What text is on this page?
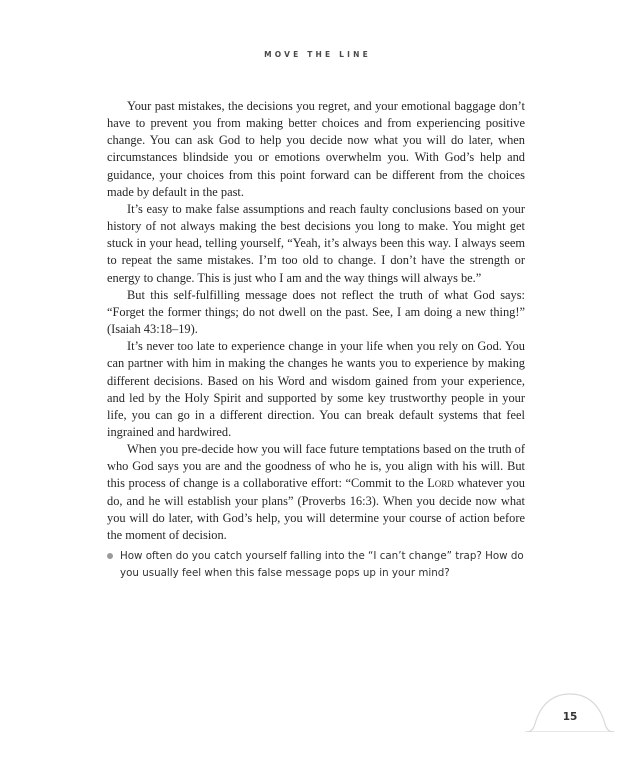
MOVE THE LINE

Your past mistakes, the decisions you regret, and your emotional baggage don’t have to prevent you from making better choices and from experiencing positive change. You can ask God to help you decide now what you will do later, when circumstances blindside you or emotions overwhelm you. With God’s help and guidance, your choices from this point forward can be different from the choices made by default in the past.

It’s easy to make false assumptions and reach faulty conclusions based on your history of not always making the best decisions you long to make. You might get stuck in your head, telling yourself, “Yeah, it’s always been this way. I always seem to repeat the same mistakes. I’m too old to change. I don’t have the strength or energy to change. This is just who I am and the way things will always be.”

But this self-fulfilling message does not reflect the truth of what God says: “Forget the former things; do not dwell on the past. See, I am doing a new thing!” (Isaiah 43:18–19).

It’s never too late to experience change in your life when you rely on God. You can partner with him in making the changes he wants you to experience by making different decisions. Based on his Word and wisdom gained from your experience, and led by the Holy Spirit and supported by some key trustworthy people in your life, you can go in a different direction. You can break default systems that feel ingrained and hardwired.

When you pre-decide how you will face future temptations based on the truth of who God says you are and the goodness of who he is, you align with his will. But this process of change is a collaborative effort: “Commit to the Lord whatever you do, and he will establish your plans” (Proverbs 16:3). When you decide now what you will do later, with God’s help, you will determine your course of action before the moment of decision.

How often do you catch yourself falling into the “I can’t change” trap? How do you usually feel when this false message pops up in your mind?
15
